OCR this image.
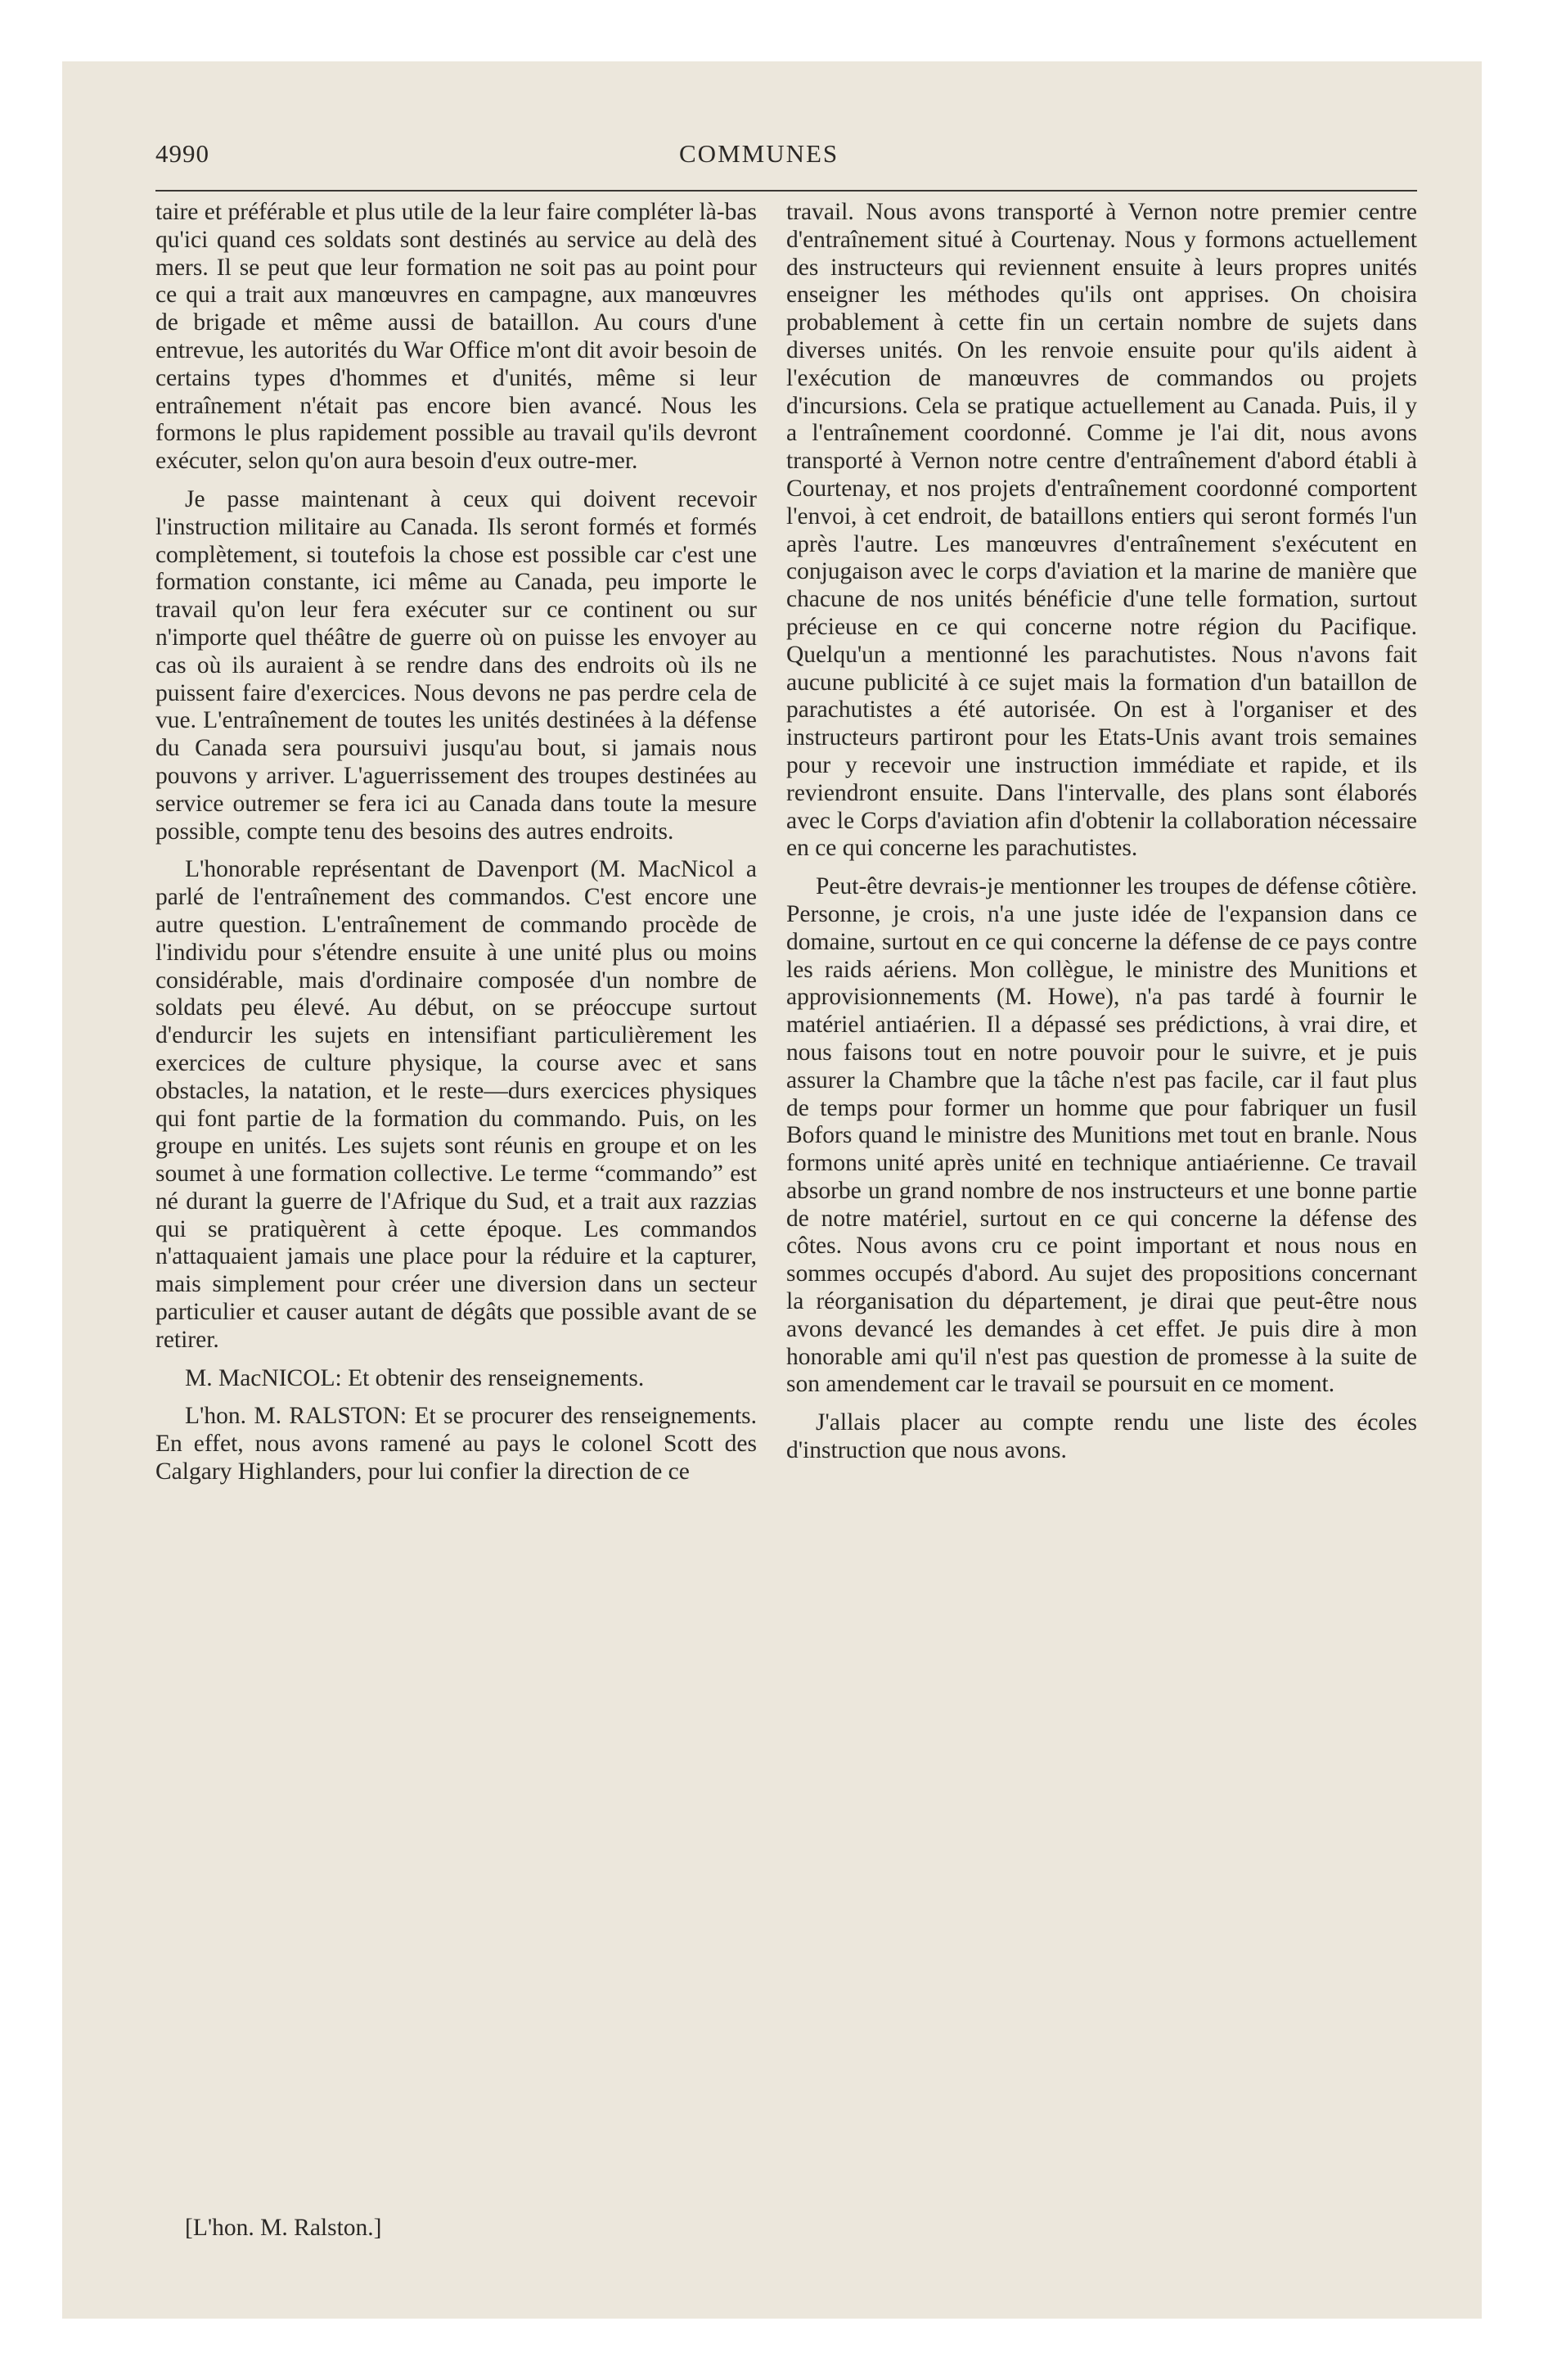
4990	COMMUNES

taire et préférable et plus utile de la leur faire compléter là-bas qu'ici quand ces soldats sont destinés au service au delà des mers. Il se peut que leur formation ne soit pas au point pour ce qui a trait aux manœuvres en campagne, aux manœuvres de brigade et même aussi de bataillon. Au cours d'une entrevue, les autorités du War Office m'ont dit avoir besoin de certains types d'hommes et d'unités, même si leur entraînement n'était pas encore bien avancé. Nous les formons le plus rapidement possible au travail qu'ils devront exécuter, selon qu'on aura besoin d'eux outre-mer.

Je passe maintenant à ceux qui doivent recevoir l'instruction militaire au Canada. Ils seront formés et formés complètement, si toutefois la chose est possible car c'est une formation constante, ici même au Canada, peu importe le travail qu'on leur fera exécuter sur ce continent ou sur n'importe quel théâtre de guerre où on puisse les envoyer au cas où ils auraient à se rendre dans des endroits où ils ne puissent faire d'exercices. Nous devons ne pas perdre cela de vue. L'entraînement de toutes les unités destinées à la défense du Canada sera poursuivi jusqu'au bout, si jamais nous pouvons y arriver. L'aguerrissement des troupes destinées au service outremer se fera ici au Canada dans toute la mesure possible, compte tenu des besoins des autres endroits.

L'honorable représentant de Davenport (M. MacNicol a parlé de l'entraînement des commandos. C'est encore une autre question. L'entraînement de commando procède de l'individu pour s'étendre ensuite à une unité plus ou moins considérable, mais d'ordinaire composée d'un nombre de soldats peu élevé. Au début, on se préoccupe surtout d'endurcir les sujets en intensifiant particulièrement les exercices de culture physique, la course avec et sans obstacles, la natation, et le reste—durs exercices physiques qui font partie de la formation du commando. Puis, on les groupe en unités. Les sujets sont réunis en groupe et on les soumet à une formation collective. Le terme “commando” est né durant la guerre de l'Afrique du Sud, et a trait aux razzias qui se pratiquèrent à cette époque. Les commandos n'attaquaient jamais une place pour la réduire et la capturer, mais simplement pour créer une diversion dans un secteur particulier et causer autant de dégâts que possible avant de se retirer.

M. MacNICOL: Et obtenir des renseignements.

L'hon. M. RALSTON: Et se procurer des renseignements. En effet, nous avons ramené au pays le colonel Scott des Calgary Highlanders, pour lui confier la direction de ce

[L'hon. M. Ralston.]

travail. Nous avons transporté à Vernon notre premier centre d'entraînement situé à Courtenay. Nous y formons actuellement des instructeurs qui reviennent ensuite à leurs propres unités enseigner les méthodes qu'ils ont apprises. On choisira probablement à cette fin un certain nombre de sujets dans diverses unités. On les renvoie ensuite pour qu'ils aident à l'exécution de manœuvres de commandos ou projets d'incursions. Cela se pratique actuellement au Canada. Puis, il y a l'entraînement coordonné. Comme je l'ai dit, nous avons transporté à Vernon notre centre d'entraînement d'abord établi à Courtenay, et nos projets d'entraînement coordonné comportent l'envoi, à cet endroit, de bataillons entiers qui seront formés l'un après l'autre. Les manœuvres d'entraînement s'exécutent en conjugaison avec le corps d'aviation et la marine de manière que chacune de nos unités bénéficie d'une telle formation, surtout précieuse en ce qui concerne notre région du Pacifique. Quelqu'un a mentionné les parachutistes. Nous n'avons fait aucune publicité à ce sujet mais la formation d'un bataillon de parachutistes a été autorisée. On est à l'organiser et des instructeurs partiront pour les Etats-Unis avant trois semaines pour y recevoir une instruction immédiate et rapide, et ils reviendront ensuite. Dans l'intervalle, des plans sont élaborés avec le Corps d'aviation afin d'obtenir la collaboration nécessaire en ce qui concerne les parachutistes.

Peut-être devrais-je mentionner les troupes de défense côtière. Personne, je crois, n'a une juste idée de l'expansion dans ce domaine, surtout en ce qui concerne la défense de ce pays contre les raids aériens. Mon collègue, le ministre des Munitions et approvisionnements (M. Howe), n'a pas tardé à fournir le matériel antiaérien. Il a dépassé ses prédictions, à vrai dire, et nous faisons tout en notre pouvoir pour le suivre, et je puis assurer la Chambre que la tâche n'est pas facile, car il faut plus de temps pour former un homme que pour fabriquer un fusil Bofors quand le ministre des Munitions met tout en branle. Nous formons unité après unité en technique antiaérienne. Ce travail absorbe un grand nombre de nos instructeurs et une bonne partie de notre matériel, surtout en ce qui concerne la défense des côtes. Nous avons cru ce point important et nous nous en sommes occupés d'abord. Au sujet des propositions concernant la réorganisation du département, je dirai que peut-être nous avons devancé les demandes à cet effet. Je puis dire à mon honorable ami qu'il n'est pas question de promesse à la suite de son amendement car le travail se poursuit en ce moment.

J'allais placer au compte rendu une liste des écoles d'instruction que nous avons.
